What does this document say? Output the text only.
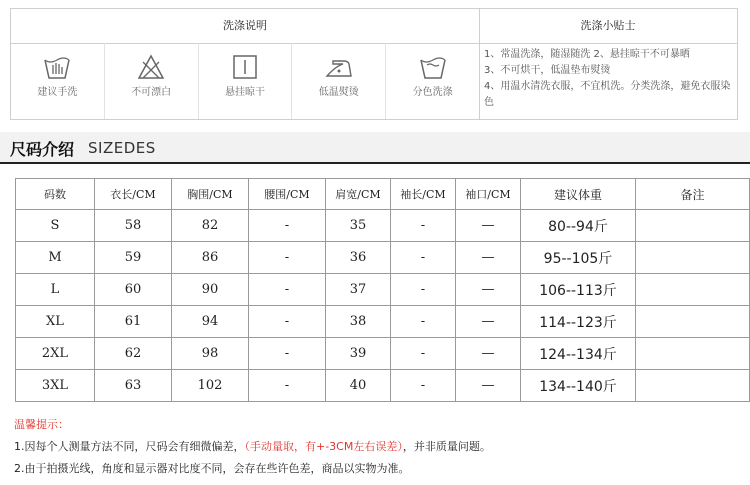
洗涤说明
建议手洗	不可漂白	悬挂晾干	低温熨烫	分色洗涤
洗涤小贴士
1、常温洗涤，随湿随洗 2、悬挂晾干不可暴晒
3、不可烘干，低温垫布熨烫
4、用温水清洗衣服，不宜机洗。分类洗涤，避免衣服染色
尺码介绍 SIZEDES
码数	衣长/CM	胸围/CM	腰围/CM	肩宽/CM	袖长/CM	袖口/CM	建议体重	备注
S	58	82	-	35	-	—	80--94斤	
M	59	86	-	36	-	—	95--105斤	
L	60	90	-	37	-	—	106--113斤	
XL	61	94	-	38	-	—	114--123斤	
2XL	62	98	-	39	-	—	124--134斤	
3XL	63	102	-	40	-	—	134--140斤	
温馨提示：
1.因每个人测量方法不同，尺码会有细微偏差，（手动量取，有+-3CM左右误差），并非质量问题。
2.由于拍摄光线，角度和显示器对比度不同，会存在些许色差，商品以实物为准。
